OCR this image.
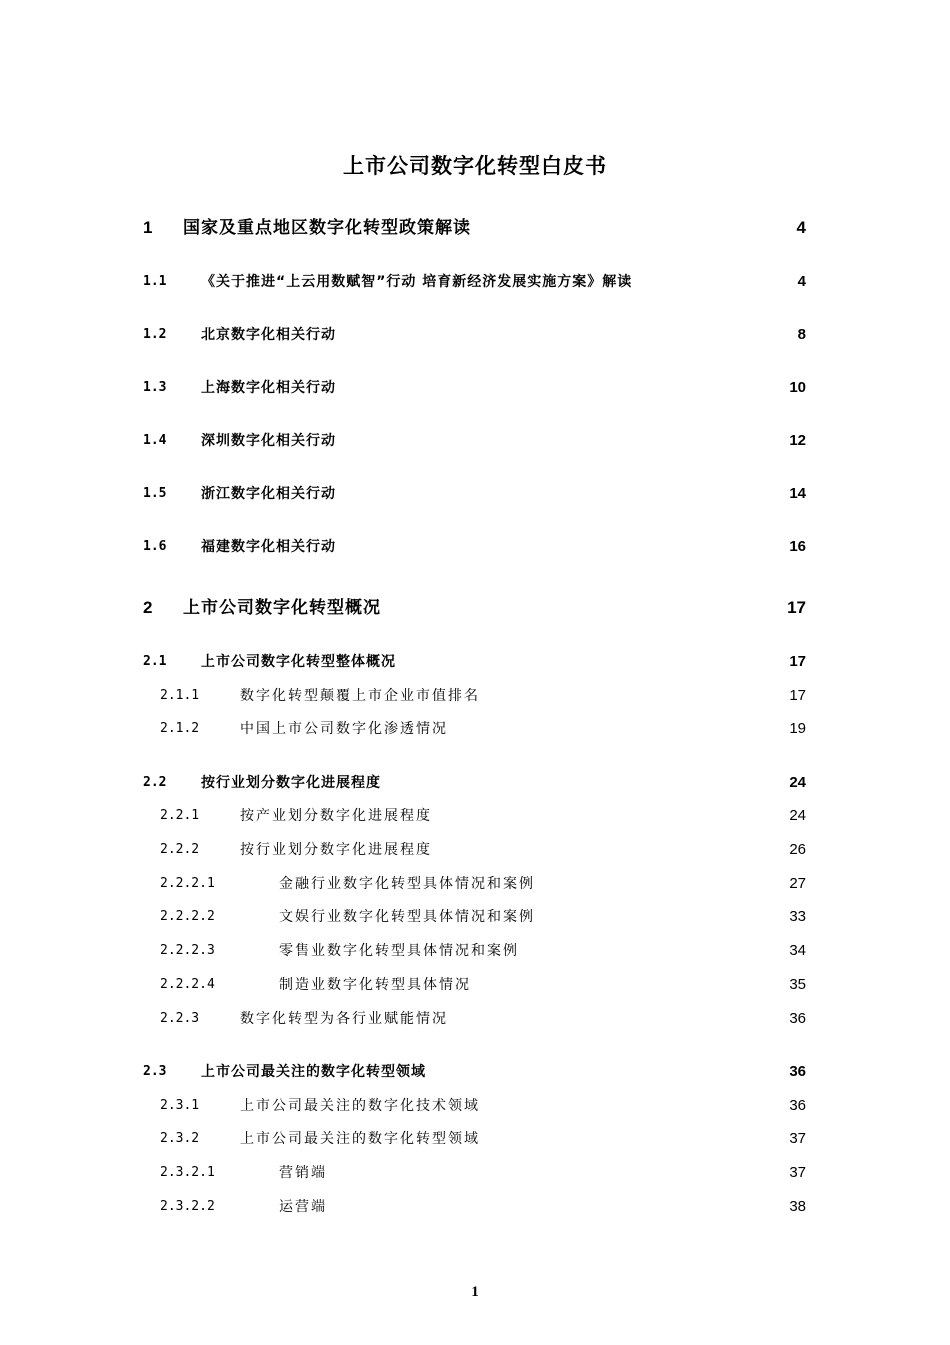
上市公司数字化转型白皮书
1 国家及重点地区数字化转型政策解读	4
1.1 《关于推进“上云用数赋智”行动 培育新经济发展实施方案》解读	4
1.2 北京数字化相关行动	8
1.3 上海数字化相关行动	10
1.4 深圳数字化相关行动	12
1.5 浙江数字化相关行动	14
1.6 福建数字化相关行动	16
2 上市公司数字化转型概况	17
2.1 上市公司数字化转型整体概况	17
2.1.1	数字化转型颠覆上市企业市值排名	17
2.1.2	中国上市公司数字化渗透情况	19
2.2 按行业划分数字化进展程度	24
2.2.1	按产业划分数字化进展程度	24
2.2.2	按行业划分数字化进展程度	26
2.2.2.1	金融行业数字化转型具体情况和案例	27
2.2.2.2	文娱行业数字化转型具体情况和案例	33
2.2.2.3	零售业数字化转型具体情况和案例	34
2.2.2.4	制造业数字化转型具体情况	35
2.2.3	数字化转型为各行业赋能情况	36
2.3 上市公司最关注的数字化转型领域	36
2.3.1	上市公司最关注的数字化技术领域	36
2.3.2	上市公司最关注的数字化转型领域	37
2.3.2.1	营销端	37
2.3.2.2	运营端	38
1
